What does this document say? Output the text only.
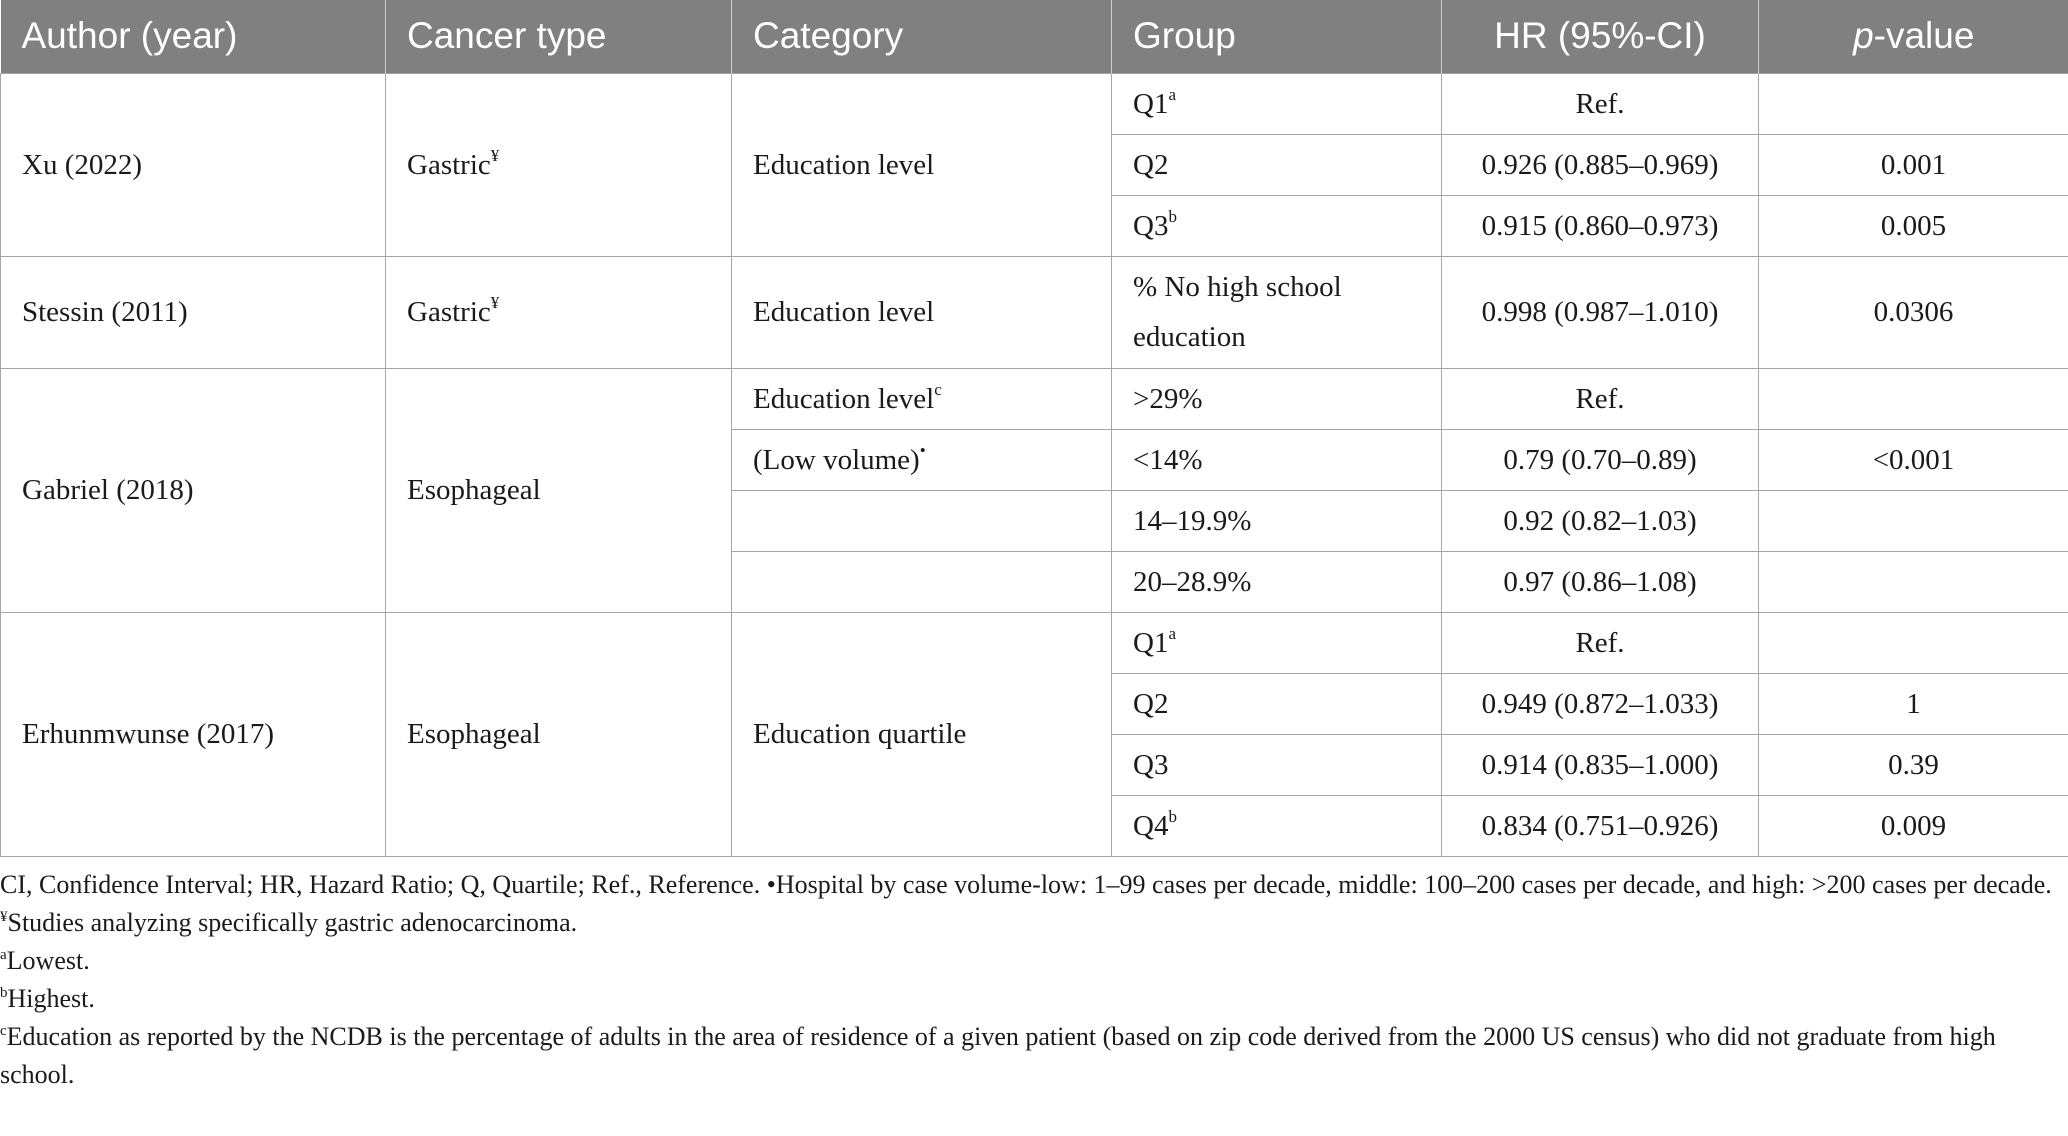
Author (year)	Cancer type	Category	Group	HR (95%-CI)	p-value
Xu (2022)	Gastric¥	Education level	Q1$^a$	Ref.	
			Q2	0.926 (0.885–0.969)	0.001
			Q3$^b$	0.915 (0.860–0.973)	0.005
Stessin (2011)	Gastric¥	Education level	% No high school education	0.998 (0.987–1.010)	0.0306
Gabriel (2018)	Esophageal	Education level$^c$	>29%	Ref.	
		(Low volume)•	<14%	0.79 (0.70–0.89)	<0.001
			14–19.9%	0.92 (0.82–1.03)	
			20–28.9%	0.97 (0.86–1.08)	
Erhunmwunse (2017)	Esophageal	Education quartile	Q1$^a$	Ref.	
			Q2	0.949 (0.872–1.033)	1
			Q3	0.914 (0.835–1.000)	0.39
			Q4$^b$	0.834 (0.751–0.926)	0.009

CI, Confidence Interval; HR, Hazard Ratio; Q, Quartile; Ref., Reference. •Hospital by case volume-low: 1–99 cases per decade, middle: 100–200 cases per decade, and high: >200 cases per decade.

¥Studies analyzing specifically gastric adenocarcinoma.

$^a$Lowest.

$^b$Highest.

$^c$Education as reported by the NCDB is the percentage of adults in the area of residence of a given patient (based on zip code derived from the 2000 US census) who did not graduate from high school.
